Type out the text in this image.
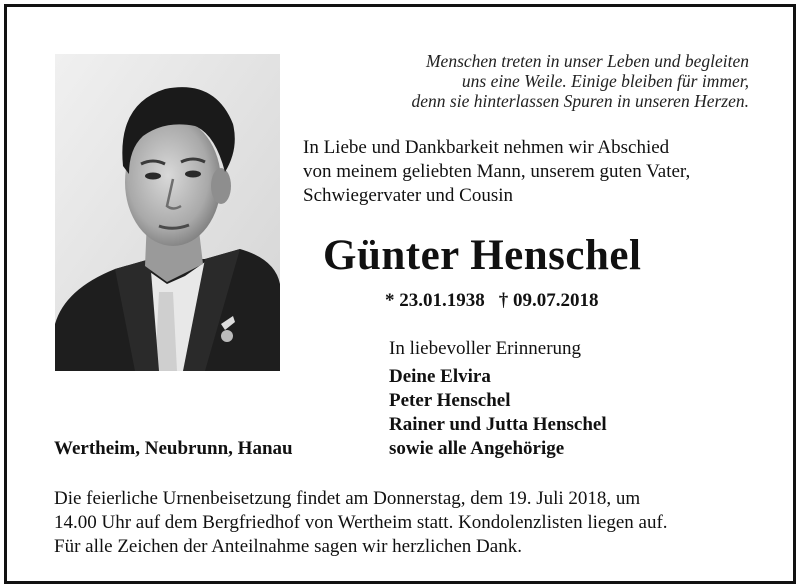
Menschen treten in unser Leben und begleiten
uns eine Weile. Einige bleiben für immer,
denn sie hinterlassen Spuren in unseren Herzen.
In Liebe und Dankbarkeit nehmen wir Abschied
von meinem geliebten Mann, unserem guten Vater,
Schwiegervater und Cousin
Günter Henschel
* 23.01.1938 † 09.07.2018
In liebevoller Erinnerung
Deine Elvira
Peter Henschel
Rainer und Jutta Henschel
sowie alle Angehörige
Wertheim, Neubrunn, Hanau
Die feierliche Urnenbeisetzung findet am Donnerstag, dem 19. Juli 2018, um
14.00 Uhr auf dem Bergfriedhof von Wertheim statt. Kondolenzlisten liegen auf.
Für alle Zeichen der Anteilnahme sagen wir herzlichen Dank.
